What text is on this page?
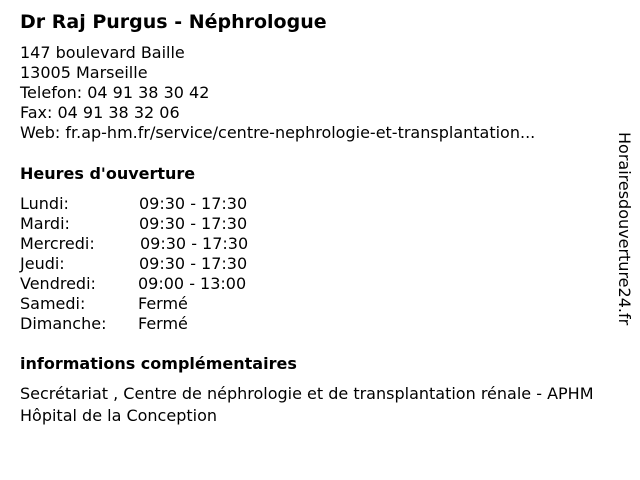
Dr Raj Purgus - Néphrologue
147 boulevard Baille
13005 Marseille
Telefon: 04 91 38 30 42
Fax: 04 91 38 32 06
Web: fr.ap-hm.fr/service/centre-nephrologie-et-transplantation...
Heures d'ouverture
Lundi:	09:30 - 17:30
Mardi:	09:30 - 17:30
Mercredi:	09:30 - 17:30
Jeudi:	09:30 - 17:30
Vendredi:	09:00 - 13:00
Samedi:	Fermé
Dimanche: Fermé
informations complémentaires
Secrétariat , Centre de néphrologie et de transplantation rénale - APHM Hôpital de la Conception
Horairesdouverture24.fr
